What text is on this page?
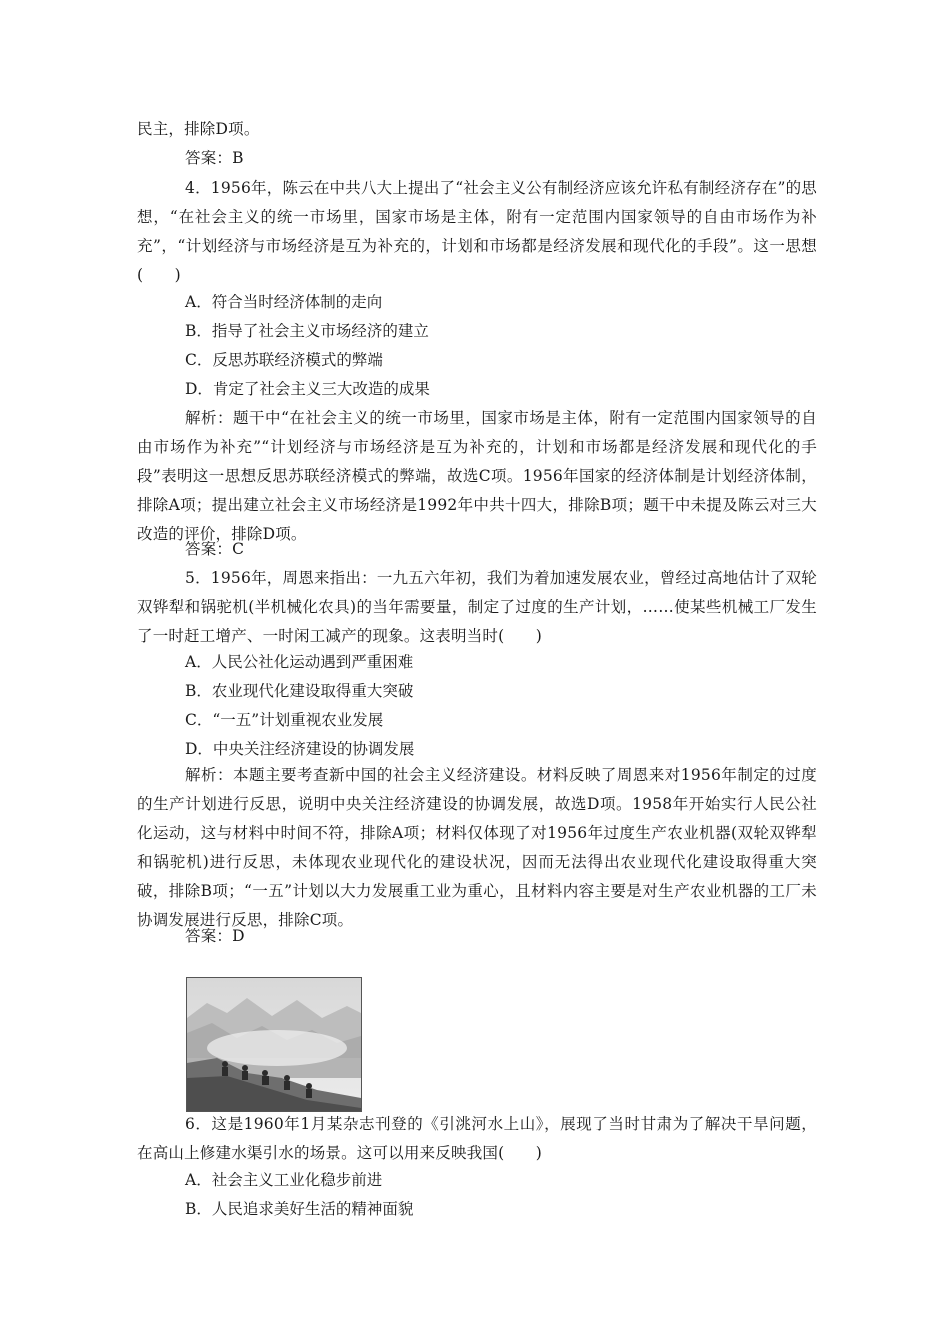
民主，排除D项。
答案：B
4．1956年，陈云在中共八大上提出了“社会主义公有制经济应该允许私有制经济存在”的思想，“在社会主义的统一市场里，国家市场是主体，附有一定范围内国家领导的自由市场作为补充”，“计划经济与市场经济是互为补充的，计划和市场都是经济发展和现代化的手段”。这一思想(　　)
A．符合当时经济体制的走向
B．指导了社会主义市场经济的建立
C．反思苏联经济模式的弊端
D．肯定了社会主义三大改造的成果
解析：题干中“在社会主义的统一市场里，国家市场是主体，附有一定范围内国家领导的自由市场作为补充”“计划经济与市场经济是互为补充的，计划和市场都是经济发展和现代化的手段”表明这一思想反思苏联经济模式的弊端，故选C项。1956年国家的经济体制是计划经济体制，排除A项；提出建立社会主义市场经济是1992年中共十四大，排除B项；题干中未提及陈云对三大改造的评价，排除D项。
答案：C
5．1956年，周恩来指出：一九五六年初，我们为着加速发展农业，曾经过高地估计了双轮双铧犁和锅驼机(半机械化农具)的当年需要量，制定了过度的生产计划，……使某些机械工厂发生了一时赶工增产、一时闲工减产的现象。这表明当时(　　)
A．人民公社化运动遇到严重困难
B．农业现代化建设取得重大突破
C．“一五”计划重视农业发展
D．中央关注经济建设的协调发展
解析：本题主要考查新中国的社会主义经济建设。材料反映了周恩来对1956年制定的过度的生产计划进行反思，说明中央关注经济建设的协调发展，故选D项。1958年开始实行人民公社化运动，这与材料中时间不符，排除A项；材料仅体现了对1956年过度生产农业机器(双轮双铧犁和锅驼机)进行反思，未体现农业现代化的建设状况，因而无法得出农业现代化建设取得重大突破，排除B项；“一五”计划以大力发展重工业为重心，且材料内容主要是对生产农业机器的工厂未协调发展进行反思，排除C项。
答案：D
6．这是1960年1月某杂志刊登的《引洮河水上山》，展现了当时甘肃为了解决干旱问题，在高山上修建水渠引水的场景。这可以用来反映我国(　　)
A．社会主义工业化稳步前进
B．人民追求美好生活的精神面貌
